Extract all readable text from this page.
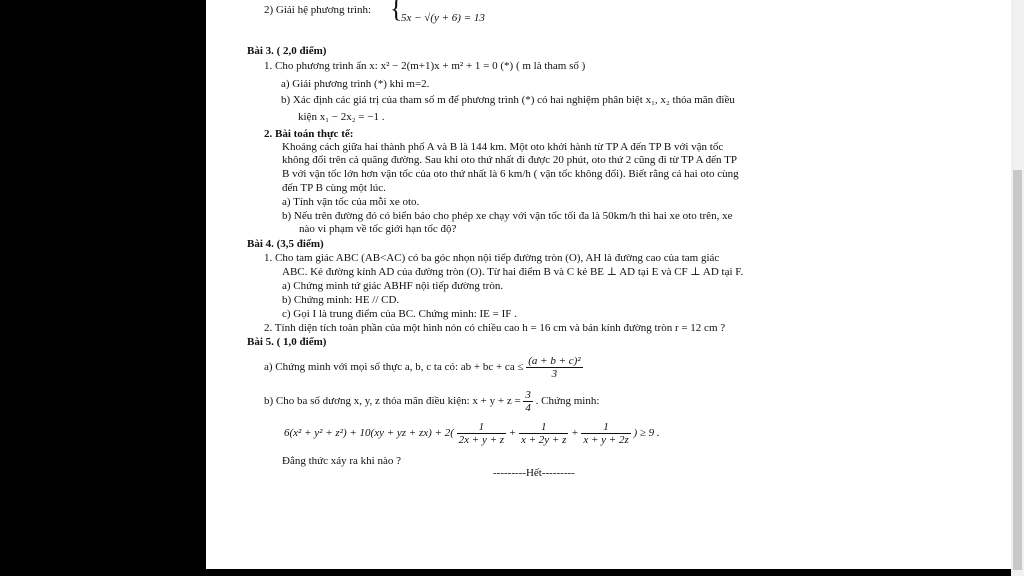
2) Giải hệ phương trình: {
5x − √(y + 6) = 13
Bài 3. ( 2,0 điểm)
1. Cho phương trình ẩn x: x² − 2(m+1)x + m² + 1 = 0 (*) ( m là tham số )
a) Giải phương trình (*) khi m=2.
b) Xác định các giá trị của tham số m để phương trình (*) có hai nghiệm phân biệt x₁, x₂ thỏa mãn điều
kiện x₁ − 2x₂ = −1 .
2. Bài toán thực tế:
Khoảng cách giữa hai thành phố A và B là 144 km. Một oto khởi hành từ TP A đến TP B với vận tốc
không đổi trên cả quãng đường. Sau khi oto thứ nhất đi được 20 phút, oto thứ 2 cũng đi từ TP A đến TP
B với vận tốc lớn hơn vận tốc của oto thứ nhất là 6 km/h ( vận tốc không đổi). Biết rằng cả hai oto cùng
đến TP B cùng một lúc.
a) Tính vận tốc của mỗi xe oto.
b) Nếu trên đường đó có biển báo cho phép xe chạy với vận tốc tối đa là 50km/h thì hai xe oto trên, xe
nào vi phạm về tốc giới hạn tốc độ?
Bài 4. (3,5 điểm)
1. Cho tam giác ABC (AB<AC) có ba góc nhọn nội tiếp đường tròn (O), AH là đường cao của tam giác
ABC. Kẻ đường kính AD của đường tròn (O). Từ hai điểm B và C kẻ BE ⊥ AD tại E và CF ⊥ AD tại F.
a) Chứng minh tứ giác ABHF nội tiếp đường tròn.
b) Chứng minh: HE // CD.
c) Gọi I là trung điểm của BC. Chứng minh: IE = IF .
2. Tính diện tích toàn phần của một hình nón có chiều cao h = 16 cm và bán kính đường tròn r = 12 cm ?
Bài 5. ( 1,0 điểm)
a) Chứng minh với mọi số thực a, b, c ta có: ab + bc + ca ≤ $\frac{\text{(a + b + c)²}}{3}$
b) Cho ba số dương x, y, z thỏa mãn điều kiện: $x + y + z = \frac{3}{4}$ . Chứng minh:
6(x² + y² + z²) + 10(xy + yz + $zx) + 2( \frac{1}{2x + y + z} + \frac{1}{x + 2y + z} + \frac{1}{x + y + 2z}$ ) ≥ 9 .
Đẳng thức xảy ra khi nào ?
---------Hết---------
− +
